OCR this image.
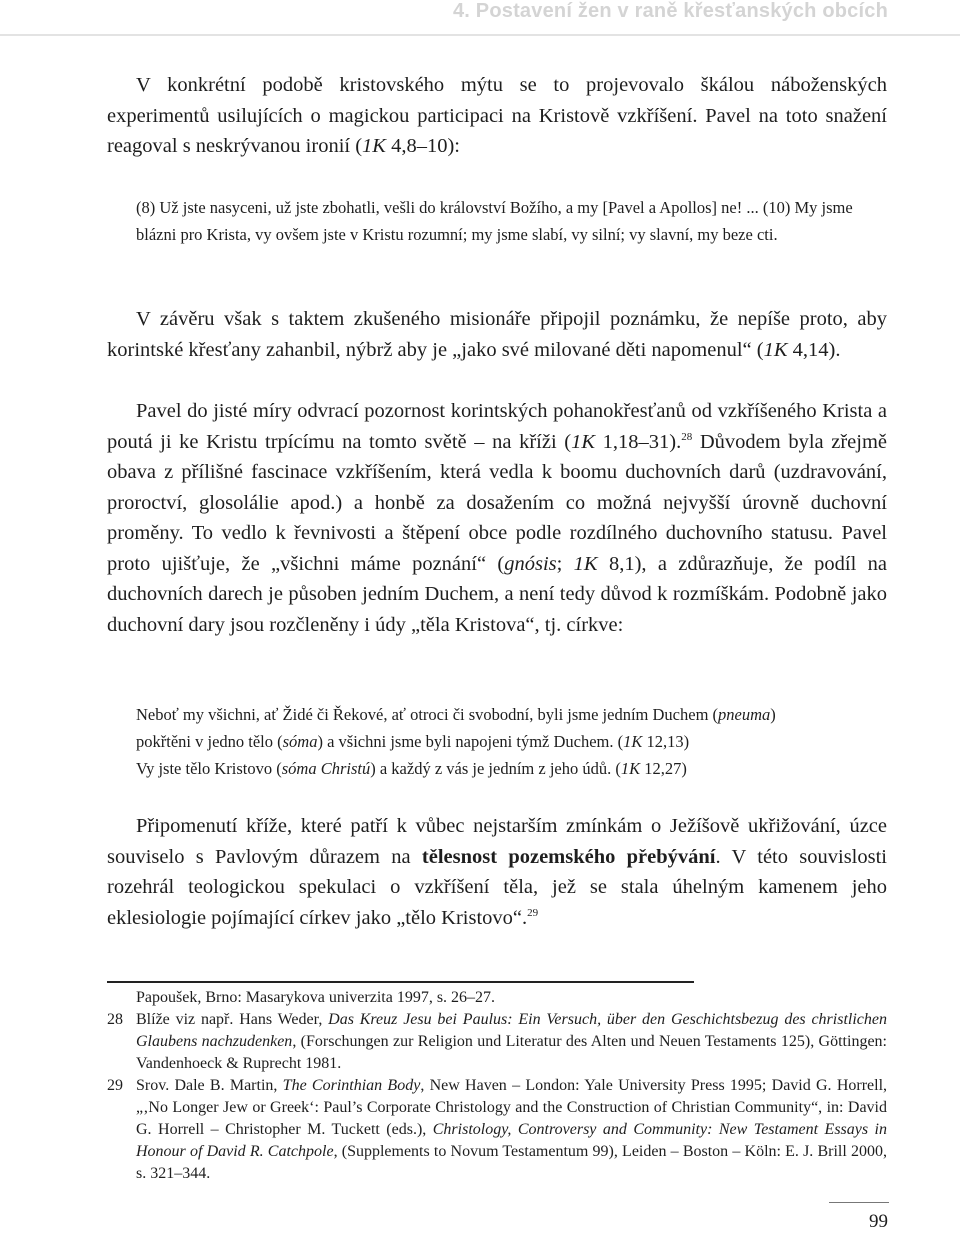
4. Postavení žen v raně křesťanských obcích

V konkrétní podobě kristovského mýtu se to projevovalo škálou náboženských experimentů usilujících o magickou participaci na Kristově vzkříšení. Pavel na toto snažení reagoval s neskrývanou ironií (1K 4,8–10):

(8) Už jste nasyceni, už jste zbohatli, vešli do království Božího, a my [Pavel a Apollos] ne! ... (10) My jsme blázni pro Krista, vy ovšem jste v Kristu rozumní; my jsme slabí, vy silní; vy slavní, my beze cti.

V závěru však s taktem zkušeného misionáře připojil poznámku, že nepíše proto, aby korintské křesťany zahanbil, nýbrž aby je „jako své milované děti napomenul“ (1K 4,14).

Pavel do jisté míry odvrací pozornost korintských pohanokřesťanů od vzkříšeného Krista a poutá ji ke Kristu trpícímu na tomto světě – na kříži (1K 1,18–31).$^{28}$ Důvodem byla zřejmě obava z přílišné fascinace vzkříšením, která vedla k boomu duchovních darů (uzdravování, proroctví, glosolálie apod.) a honbě za dosažením co možná nejvyšší úrovně duchovní proměny. To vedlo k řevnivosti a štěpení obce podle rozdílného duchovního statusu. Pavel proto ujišťuje, že „všichni máme poznání“ (gnósis; 1K 8,1), a zdůrazňuje, že podíl na duchovních darech je působen jedním Duchem, a není tedy důvod k rozmíškám. Podobně jako duchovní dary jsou rozčleněny i údy „těla Kristova“, tj. církve:

Neboť my všichni, ať Židé či Řekové, ať otroci či svobodní, byli jsme jedním Duchem (pneuma)
pokřtěni v jedno tělo (sóma) a všichni jsme byli napojeni týmž Duchem. (1K 12,13)
Vy jste tělo Kristovo (sóma Christú) a každý z vás je jedním z jeho údů. (1K 12,27)

Připomenutí kříže, které patří k vůbec nejstarším zmínkám o Ježíšově ukřižování, úzce souviselo s Pavlovým důrazem na tělesnost pozemského přebývání. V této souvislosti rozehrál teologickou spekulaci o vzkříšení těla, jež se stala úhelným kamenem jeho eklesiologie pojímající církev jako „tělo Kristovo“.$^{29}$

Papoušek, Brno: Masarykova univerzita 1997, s. 26–27.
28 Blíže viz např. Hans Weder, Das Kreuz Jesu bei Paulus: Ein Versuch, über den Geschichtsbezug des christlichen Glaubens nachzudenken, (Forschungen zur Religion und Literatur des Alten und Neuen Testaments 125), Göttingen: Vandenhoeck & Ruprecht 1981.
29 Srov. Dale B. Martin, The Corinthian Body, New Haven – London: Yale University Press 1995; David G. Horrell, „‚No Longer Jew or Greek‘: Paul’s Corporate Christology and the Construction of Christian Community“, in: David G. Horrell – Christopher M. Tuckett (eds.), Christology, Controversy and Community: New Testament Essays in Honour of David R. Catchpole, (Supplements to Novum Testamentum 99), Leiden – Boston – Köln: E. J. Brill 2000, s. 321–344.
99
